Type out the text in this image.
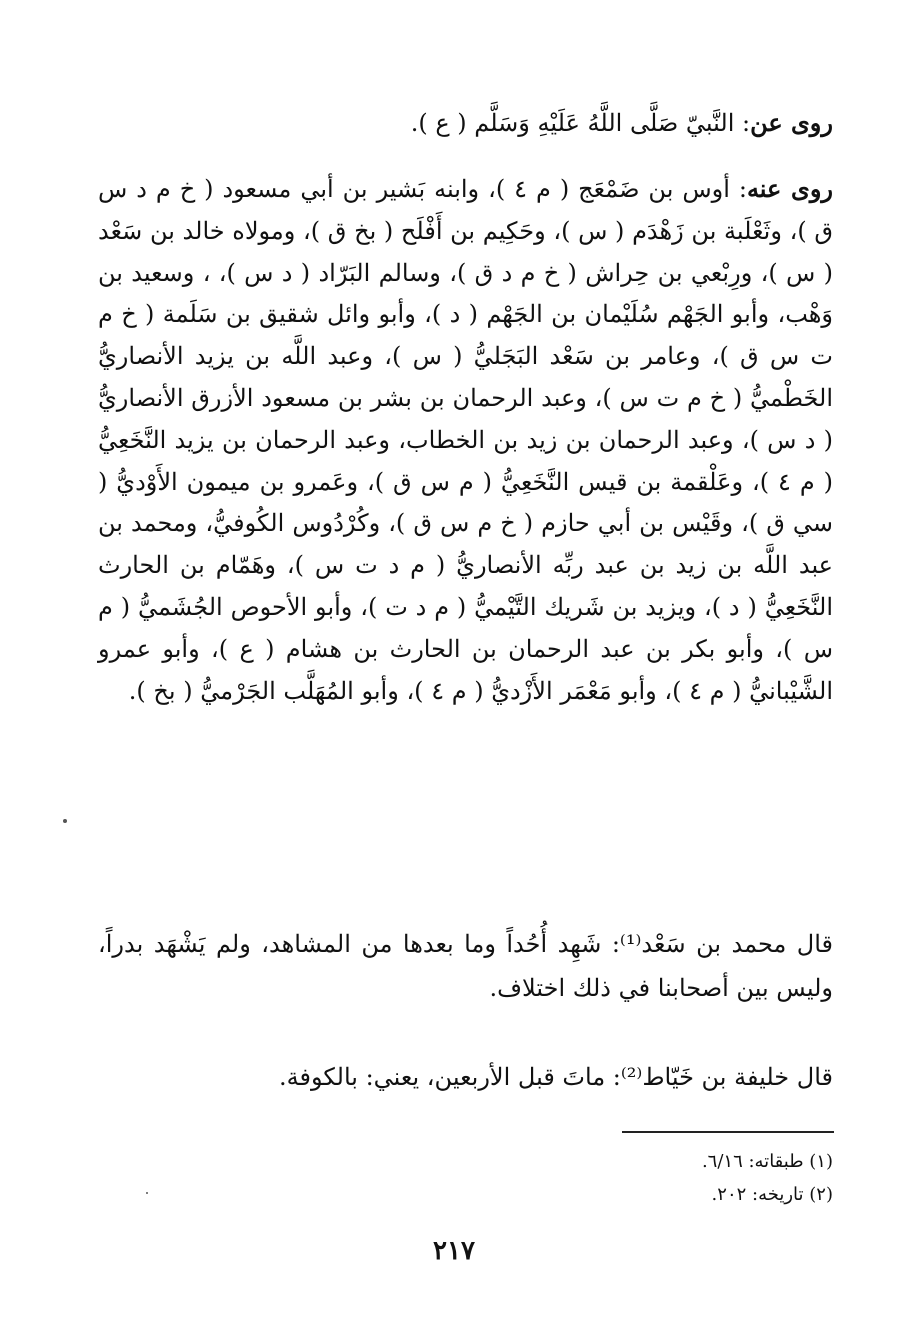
روى عن: النَّبيّ صَلَّى اللَّهُ عَلَيْهِ وَسَلَّم ( ع ).

روى عنه: أوس بن ضَمْعَج ( م ٤ )، وابنه بَشير بن أبي مسعود ( خ م د س ق )، وثَعْلَبة بن زَهْدَم ( س )، وحَكِيم بن أَفْلَح ( بخ ق )، ومولاه خالد بن سَعْد ( س )، ورِبْعي بن حِراش ( خ م د ق )، وسالم البَرّاد ( د س )، ، وسعيد بن وَهْب، وأبو الجَهْم سُلَيْمان بن الجَهْم ( د )، وأبو وائل شقيق بن سَلَمة ( خ م ت س ق )، وعامر بن سَعْد البَجَليُّ ( س )، وعبد اللَّه بن يزيد الأنصاريُّ الخَطْميُّ ( خ م ت س )، وعبد الرحمان بن بشر بن مسعود الأزرق الأنصاريُّ ( د س )، وعبد الرحمان بن زيد بن الخطاب، وعبد الرحمان بن يزيد النَّخَعِيُّ ( م ٤ )، وعَلْقمة بن قيس النَّخَعِيُّ ( م س ق )، وعَمرو بن ميمون الأَوْديُّ ( سي ق )، وقَيْس بن أبي حازم ( خ م س ق )، وكُرْدُوس الكُوفيُّ، ومحمد بن عبد اللَّه بن زيد بن عبد ربِّه الأنصاريُّ ( م د ت س )، وهَمّام بن الحارث النَّخَعِيُّ ( د )، ويزيد بن شَريك التَّيْميُّ ( م د ت )، وأبو الأحوص الجُشَميُّ ( م س )، وأبو بكر بن عبد الرحمان بن الحارث بن هشام ( ع )، وأبو عمرو الشَّيْبانيُّ ( م ٤ )، وأبو مَعْمَر الأَزْديُّ ( م ٤ )، وأبو المُهَلَّب الجَرْميُّ ( بخ ).

قال محمد بن سَعْد⁽¹⁾: شَهِد أُحُداً وما بعدها من المشاهد، ولم يَشْهَد بدراً، وليس بين أصحابنا في ذلك اختلاف.

قال خليفة بن خَيّاط⁽²⁾: ماتَ قبل الأربعين، يعني: بالكوفة.

(١) طبقاته: ٦/١٦.
(٢) تاريخه: ٢٠٢.
٢١٧
